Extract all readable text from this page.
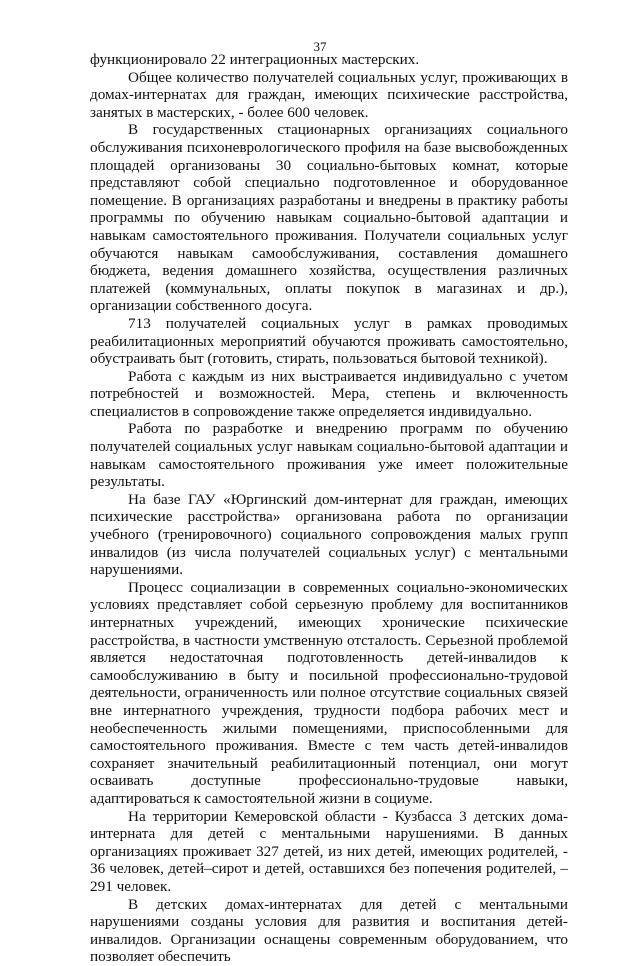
37

функционировало 22 интеграционных мастерских.

Общее количество получателей социальных услуг, проживающих в домах-интернатах для граждан, имеющих психические расстройства, занятых в мастерских, - более 600 человек.

В государственных стационарных организациях социального обслуживания психоневрологического профиля на базе высвобожденных площадей организованы 30 социально-бытовых комнат, которые представляют собой специально подготовленное и оборудованное помещение. В организациях разработаны и внедрены в практику работы программы по обучению навыкам социально-бытовой адаптации и навыкам самостоятельного проживания. Получатели социальных услуг обучаются навыкам самообслуживания, составления домашнего бюджета, ведения домашнего хозяйства, осуществления различных платежей (коммунальных, оплаты покупок в магазинах и др.), организации собственного досуга.

713 получателей социальных услуг в рамках проводимых реабилитационных мероприятий обучаются проживать самостоятельно, обустраивать быт (готовить, стирать, пользоваться бытовой техникой).

Работа с каждым из них выстраивается индивидуально с учетом потребностей и возможностей. Мера, степень и включенность специалистов в сопровождение также определяется индивидуально.

Работа по разработке и внедрению программ по обучению получателей социальных услуг навыкам социально-бытовой адаптации и навыкам самостоятельного проживания уже имеет положительные результаты.

На базе ГАУ «Юргинский дом-интернат для граждан, имеющих психические расстройства» организована работа по организации учебного (тренировочного) социального сопровождения малых групп инвалидов (из числа получателей социальных услуг) с ментальными нарушениями.

Процесс социализации в современных социально-экономических условиях представляет собой серьезную проблему для воспитанников интернатных учреждений, имеющих хронические психические расстройства, в частности умственную отсталость. Серьезной проблемой является недостаточная подготовленность детей-инвалидов к самообслуживанию в быту и посильной профессионально-трудовой деятельности, ограниченность или полное отсутствие социальных связей вне интернатного учреждения, трудности подбора рабочих мест и необеспеченность жилыми помещениями, приспособленными для самостоятельного проживания. Вместе с тем часть детей-инвалидов сохраняет значительный реабилитационный потенциал, они могут осваивать доступные профессионально-трудовые навыки, адаптироваться к самостоятельной жизни в социуме.

На территории Кемеровской области - Кузбасса 3 детских дома-интерната для детей с ментальными нарушениями. В данных организациях проживает 327 детей, из них детей, имеющих родителей, - 36 человек, детей–сирот и детей, оставшихся без попечения родителей, – 291 человек.

В детских домах-интернатах для детей с ментальными нарушениями созданы условия для развития и воспитания детей-инвалидов. Организации оснащены современным оборудованием, что позволяет обеспечить
